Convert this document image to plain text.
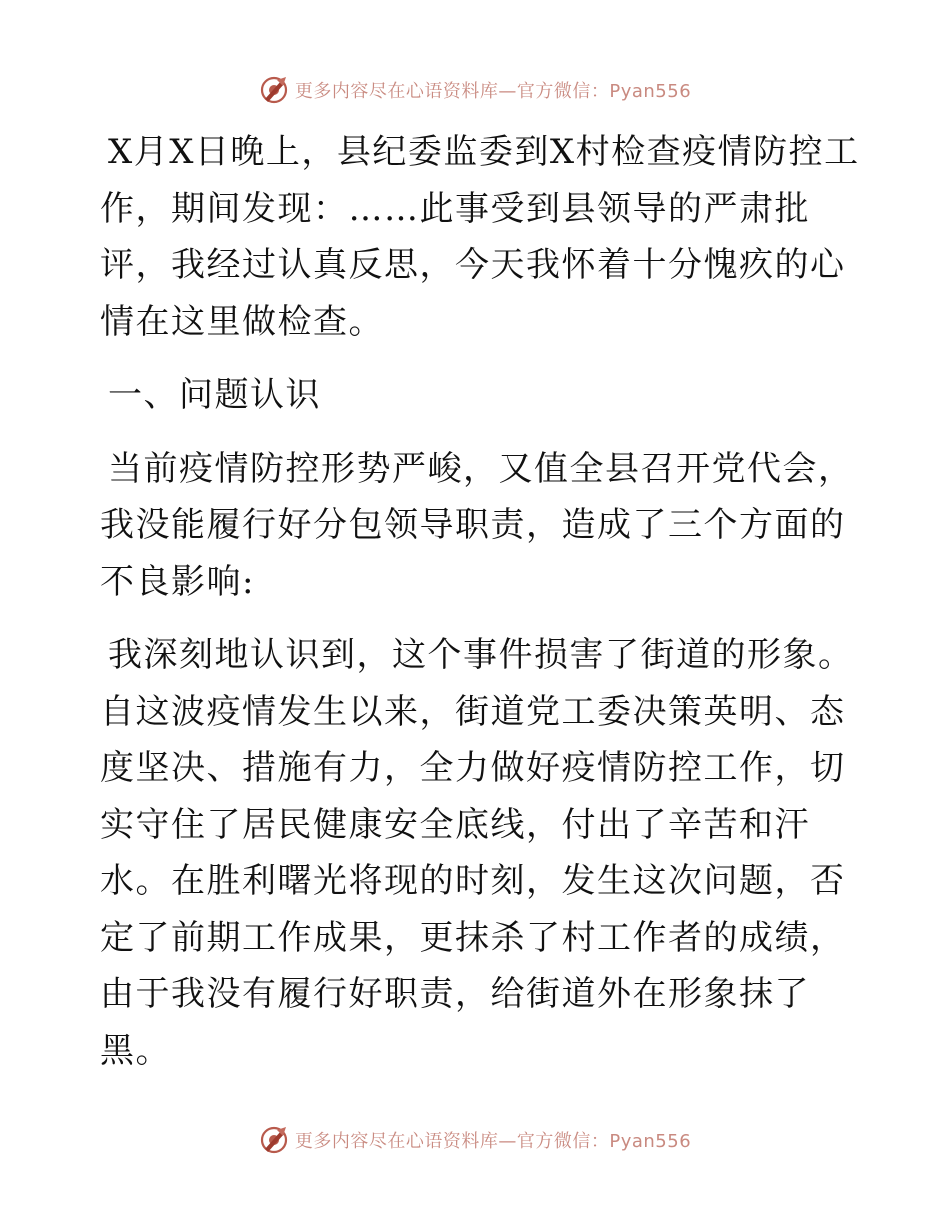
更多内容尽在心语资料库—官方微信：Pyan556

X月X日晚上，县纪委监委到X村检查疫情防控工作，期间发现：……此事受到县领导的严肃批评，我经过认真反思，今天我怀着十分愧疚的心情在这里做检查。

一、问题认识

当前疫情防控形势严峻，又值全县召开党代会，我没能履行好分包领导职责，造成了三个方面的不良影响:

我深刻地认识到，这个事件损害了街道的形象。自这波疫情发生以来，街道党工委决策英明、态度坚决、措施有力，全力做好疫情防控工作，切实守住了居民健康安全底线，付出了辛苦和汗水。在胜利曙光将现的时刻，发生这次问题，否定了前期工作成果，更抹杀了村工作者的成绩，由于我没有履行好职责，给街道外在形象抹了黑。

更多内容尽在心语资料库—官方微信：Pyan556
